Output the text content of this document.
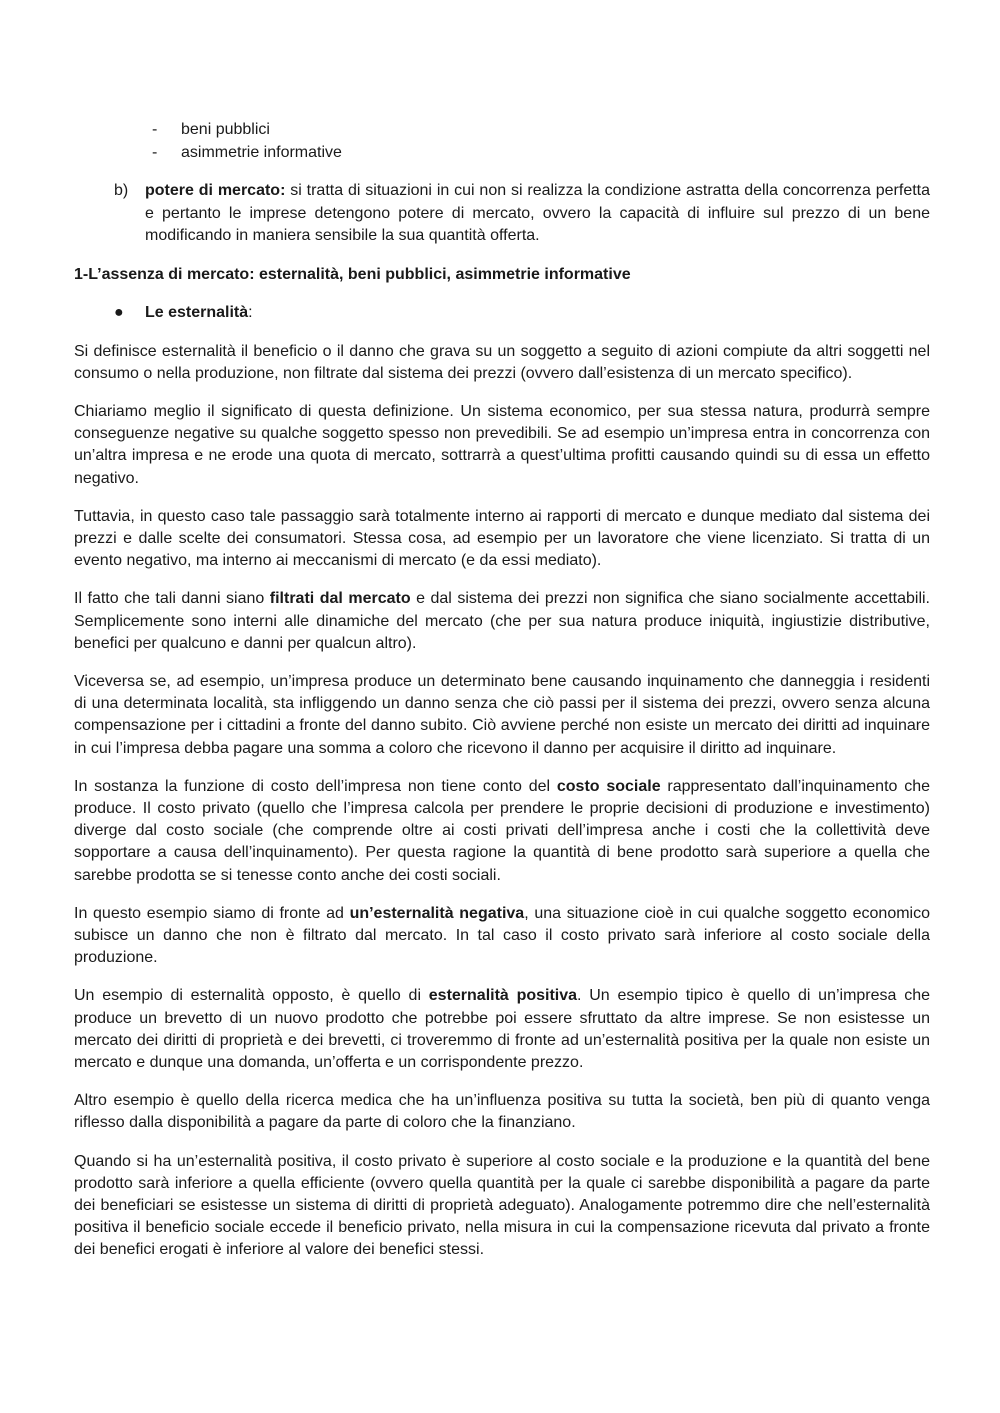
- beni pubblici
- asimmetrie informative
b) potere di mercato: si tratta di situazioni in cui non si realizza la condizione astratta della concorrenza perfetta e pertanto le imprese detengono potere di mercato, ovvero la capacità di influire sul prezzo di un bene modificando in maniera sensibile la sua quantità offerta.
1-L’assenza di mercato: esternalità, beni pubblici, asimmetrie informative
● Le esternalità:

Si definisce esternalità il beneficio o il danno che grava su un soggetto a seguito di azioni compiute da altri soggetti nel consumo o nella produzione, non filtrate dal sistema dei prezzi (ovvero dall’esistenza di un mercato specifico).

Chiariamo meglio il significato di questa definizione. Un sistema economico, per sua stessa natura, produrrà sempre conseguenze negative su qualche soggetto spesso non prevedibili. Se ad esempio un’impresa entra in concorrenza con un’altra impresa e ne erode una quota di mercato, sottrarrà a quest’ultima profitti causando quindi su di essa un effetto negativo.

Tuttavia, in questo caso tale passaggio sarà totalmente interno ai rapporti di mercato e dunque mediato dal sistema dei prezzi e dalle scelte dei consumatori. Stessa cosa, ad esempio per un lavoratore che viene licenziato. Si tratta di un evento negativo, ma interno ai meccanismi di mercato (e da essi mediato).

Il fatto che tali danni siano filtrati dal mercato e dal sistema dei prezzi non significa che siano socialmente accettabili. Semplicemente sono interni alle dinamiche del mercato (che per sua natura produce iniquità, ingiustizie distributive, benefici per qualcuno e danni per qualcun altro).

Viceversa se, ad esempio, un’impresa produce un determinato bene causando inquinamento che danneggia i residenti di una determinata località, sta infliggendo un danno senza che ciò passi per il sistema dei prezzi, ovvero senza alcuna compensazione per i cittadini a fronte del danno subito. Ciò avviene perché non esiste un mercato dei diritti ad inquinare in cui l’impresa debba pagare una somma a coloro che ricevono il danno per acquisire il diritto ad inquinare.

In sostanza la funzione di costo dell’impresa non tiene conto del costo sociale rappresentato dall’inquinamento che produce. Il costo privato (quello che l’impresa calcola per prendere le proprie decisioni di produzione e investimento) diverge dal costo sociale (che comprende oltre ai costi privati dell’impresa anche i costi che la collettività deve sopportare a causa dell’inquinamento). Per questa ragione la quantità di bene prodotto sarà superiore a quella che sarebbe prodotta se si tenesse conto anche dei costi sociali.

In questo esempio siamo di fronte ad un’esternalità negativa, una situazione cioè in cui qualche soggetto economico subisce un danno che non è filtrato dal mercato. In tal caso il costo privato sarà inferiore al costo sociale della produzione.

Un esempio di esternalità opposto, è quello di esternalità positiva. Un esempio tipico è quello di un’impresa che produce un brevetto di un nuovo prodotto che potrebbe poi essere sfruttato da altre imprese. Se non esistesse un mercato dei diritti di proprietà e dei brevetti, ci troveremmo di fronte ad un’esternalità positiva per la quale non esiste un mercato e dunque una domanda, un’offerta e un corrispondente prezzo.

Altro esempio è quello della ricerca medica che ha un’influenza positiva su tutta la società, ben più di quanto venga riflesso dalla disponibilità a pagare da parte di coloro che la finanziano.

Quando si ha un’esternalità positiva, il costo privato è superiore al costo sociale e la produzione e la quantità del bene prodotto sarà inferiore a quella efficiente (ovvero quella quantità per la quale ci sarebbe disponibilità a pagare da parte dei beneficiari se esistesse un sistema di diritti di proprietà adeguato). Analogamente potremmo dire che nell’esternalità positiva il beneficio sociale eccede il beneficio privato, nella misura in cui la compensazione ricevuta dal privato a fronte dei benefici erogati è inferiore al valore dei benefici stessi.
